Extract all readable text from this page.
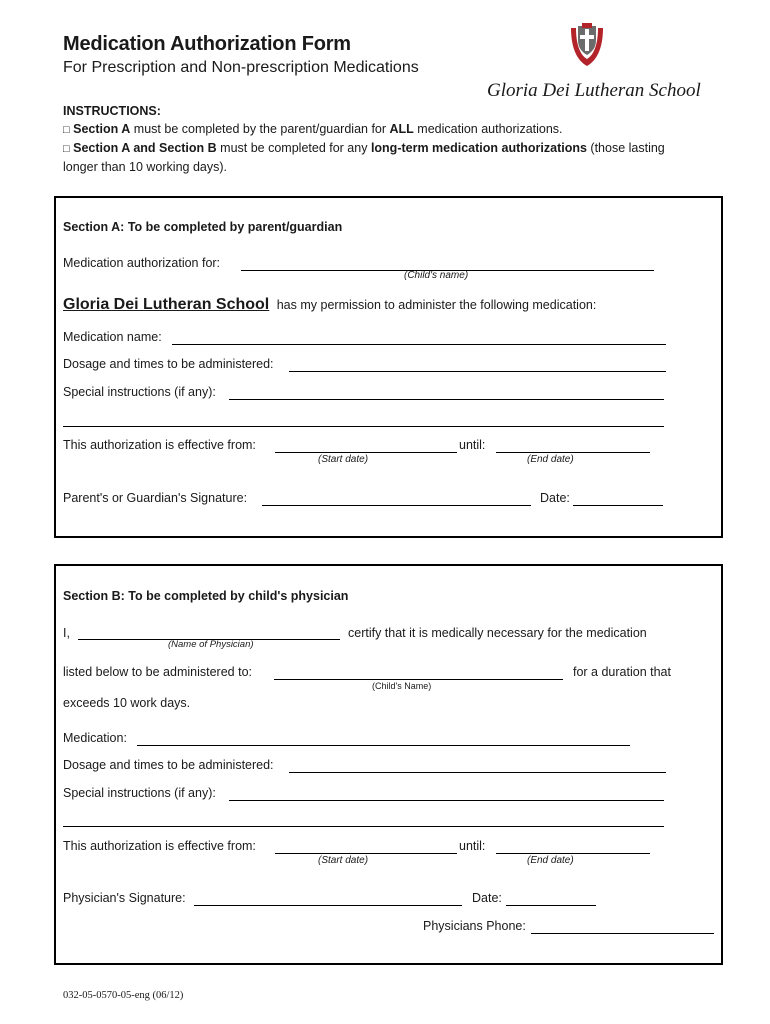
Medication Authorization Form
For Prescription and Non-prescription Medications
Gloria Dei Lutheran School
INSTRUCTIONS:
□ Section A must be completed by the parent/guardian for ALL medication authorizations.
□ Section A and Section B must be completed for any long-term medication authorizations (those lasting
longer than 10 working days).
Section A: To be completed by parent/guardian
Medication authorization for:
(Child's name)
Gloria Dei Lutheran School has my permission to administer the following medication:
Medication name:
Dosage and times to be administered:
Special instructions (if any):
This authorization is effective from:	until:
(Start date)	(End date)
Parent's or Guardian's Signature:	Date:
Section B: To be completed by child's physician
I,	certify that it is medically necessary for the medication
(Name of Physician)
listed below to be administered to:	for a duration that
(Child's Name)
exceeds 10 work days.
Medication:
Dosage and times to be administered:
Special instructions (if any):
This authorization is effective from:	until:
(Start date)	(End date)
Physician's Signature:	Date:
Physicians Phone:
032-05-0570-05-eng (06/12)
